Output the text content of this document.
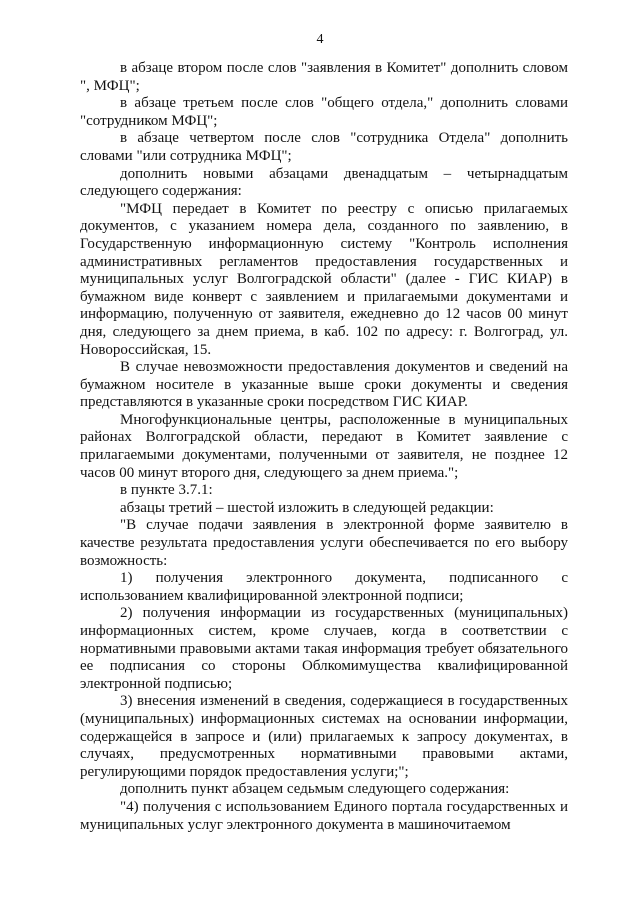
4

в абзаце втором после слов "заявления в Комитет" дополнить словом ", МФЦ";

в абзаце третьем после слов "общего отдела," дополнить словами "сотрудником МФЦ";

в абзаце четвертом после слов "сотрудника Отдела" дополнить словами "или сотрудника МФЦ";

дополнить новыми абзацами двенадцатым – четырнадцатым следующего содержания:

"МФЦ передает в Комитет по реестру с описью прилагаемых документов, с указанием номера дела, созданного по заявлению, в Государственную информационную систему "Контроль исполнения административных регламентов предоставления государственных и муниципальных услуг Волгоградской области" (далее - ГИС КИАР) в бумажном виде конверт с заявлением и прилагаемыми документами и информацию, полученную от заявителя, ежедневно до 12 часов 00 минут дня, следующего за днем приема, в каб. 102 по адресу: г. Волгоград, ул. Новороссийская, 15.

В случае невозможности предоставления документов и сведений на бумажном носителе в указанные выше сроки документы и сведения представляются в указанные сроки посредством ГИС КИАР.

Многофункциональные центры, расположенные в муниципальных районах Волгоградской области, передают в Комитет заявление с прилагаемыми документами, полученными от заявителя, не позднее 12 часов 00 минут второго дня, следующего за днем приема.";

в пункте 3.7.1:

абзацы третий – шестой изложить в следующей редакции:

"В случае подачи заявления в электронной форме заявителю в качестве результата предоставления услуги обеспечивается по его выбору возможность:

1) получения электронного документа, подписанного с использованием квалифицированной электронной подписи;

2) получения информации из государственных (муниципальных) информационных систем, кроме случаев, когда в соответствии с нормативными правовыми актами такая информация требует обязательного ее подписания со стороны Облкомимущества квалифицированной электронной подписью;

3) внесения изменений в сведения, содержащиеся в государственных (муниципальных) информационных системах на основании информации, содержащейся в запросе и (или) прилагаемых к запросу документах, в случаях, предусмотренных нормативными правовыми актами, регулирующими порядок предоставления услуги;";

дополнить пункт абзацем седьмым следующего содержания:

"4) получения с использованием Единого портала государственных и муниципальных услуг электронного документа в машиночитаемом
